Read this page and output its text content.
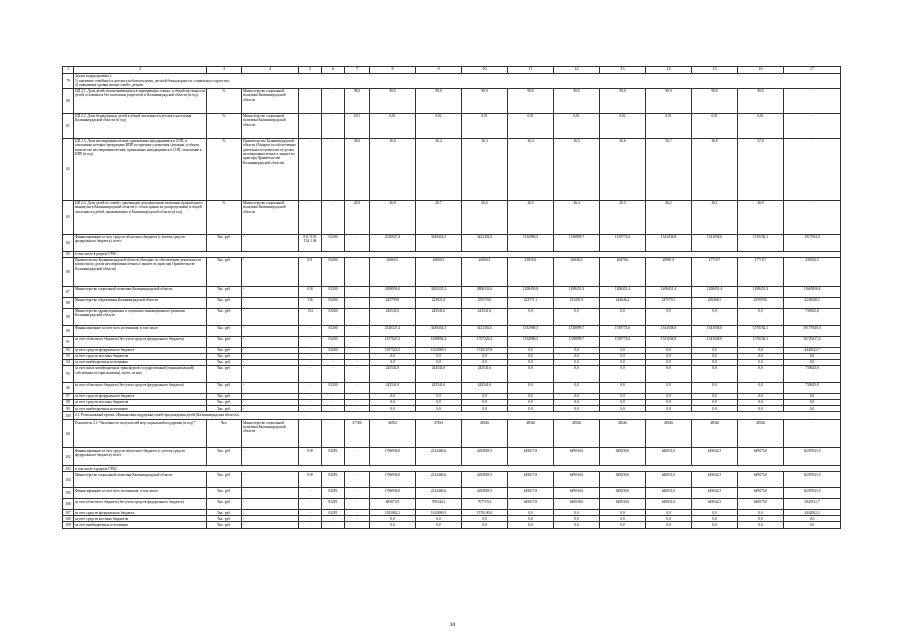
1	2	3	4	5	6	7	8	9	10	11	12	13	14	15	16	17
79	Задача подпрограммы 2
1) снижение семейного и детского неблагополучия, детской безнадзорности, социального сиротства;
2) повышение уровня жизни семей с детьми															
80	ЦП 2.1. Доля детей, воспитывающихся в замещающих семьях, в общей численности детей, оставшихся без попечения родителей, в Калининградской области (в год)	%	Министерство социальной политики Калининградской области	-	-	98,0	98,0	98,0	98,0	98,0	98,0	98,0	98,0	98,0	98,0	-
81	ЦП 2.2. Доля безнадзорных детей в общей численности детского населения Калининградской области (в год)	%	Министерство социальной политики Калининградской области	-	-	0,01	0,01	0,01	0,01	0,01	0,01	0,01	0,01	0,01	0,01	-
82	ЦП 2.3. Доля несовершеннолетних, признанных находящимися в СОП, в отношении которых прекращена ИПР по причине улучшения ситуации, в общем количестве несовершеннолетних, признанных находящимися в СОП, отношение к ИПР (в год)	%	Правительство Калининградской области (Аппарат по обеспечению деятельности комиссии по делам несовершеннолетних и защите их прав при Правительстве Калининградской области)	-	-	38,0	36,0	36,2	36,3	36,4	36,5	36,6	36,7	36,8	37,0	-
83	ЦП 2.4. Доля детей из семей с денежными доходами ниже величины прожиточного минимума в Калининградской области (с точки зрения их распределения) в общей численности детей, проживающих в Калининградской области (в год)	%	Министерство социальной политики Калининградской области	-	-	26,9	26,8	26,7	26,6	26,5	26,4	26,3	26,2	26,1	26,0	-
84	Финансирование за счет средств областного бюджета (с учетом средств федерального бюджета), всего	Тыс. руб.	-	011, 018, 154, 136	03200	-	2520927,4	3449454,5	3421302,0	1532980,5	1538899,7	1539774,6	1541038,8	1541038,0	1570182,1	1917394,0
85	в том числе в разрезе ГРБС:															
86	Правительство Калининградской области (Аппарат по обеспечению деятельности комиссии по делам несовершеннолетних и защите их прав при Правительстве Калининградской области)	Тыс. руб.	-	011	03200	-	26060,5	26060,5	26060,5	25835,6	26046,3	26470,6	26981,9	27719,7	27719,7	238182,5
87	Министерство социальной политики Калининградской области	Тыс. руб.	-	018	03200	-	2498956,0	3202335,2	2806532,6	1208450,8	1208451,4	1208451,4	1208451,4	1208451,4	1208451,4	11665936,8
88	Министерство образования Калининградской области	Тыс. руб.	-	136	03200	-	245799,8	223821,0	255570,0	223771,1	231201,9	244646,2	247579,1	250468,5	253959,0	2236548,5
89	Министерство здравоохранения и социально-инновационного развития Калининградской области	Тыс. руб.	-	154	03200	-	243541,6	243541,6	243541,6	0,0	0,0	0,0	0,0	0,0	0,0	730625,8
90	Финансирование за счет всех источников, в том числе:	Тыс. руб.	-	-	03200	-	2520327,4	3449454,5	3421302,0	1532980,5	1538899,7	1539774,6	1541038,8	1541038,0	1570182,1	19173940,0
91	за счет областного бюджета (без учета средств федерального бюджета)	Тыс. руб.	-	-	03200	-	1817025,3	1638892,2	1707226,2	1532980,5	1538899,7	1539774,6	1541038,8	1541038,0	1570182,1	16729417,4
92	за счет средств федерального бюджета	Тыс. руб.	-	-	03200	-	1107524,5	1612069,5	1720167,8	0,0	0,0	0,0	0,0	0,0	0,0	4444522,7
93	за счет средств местных бюджетов	Тыс. руб.	-	-	-	-	0,0	0,0	0,0	0,0	0,0	0,0	0,0	0,0	0,0	0,0
94	за счет внебюджетных источников	Тыс. руб.	-	-	-	-	0,0	0,0	0,0	0,0	0,0	0,0	0,0	0,0	0,0	0,0
95	за счет иных межбюджетных трансфертов государственной (муниципальной) собственности (при наличии), всего, из них	Тыс. руб.	-	-	-	-	243541,8	243541,6	243541,6	0,0	0,0	0,0	0,0	0,0	0,0	730625,8
96	за счет областного бюджета (без учета средств федерального бюджета)	Тыс. руб.	-	-	03200	-	243541,8	243541,6	243541,6	0,0	0,0	0,0	0,0	0,0	0,0	730625,8
97	за счет средств федерального бюджета	Тыс. руб.	-	-	-	-	0,0	0,0	0,0	0,0	0,0	0,0	0,0	0,0	0,0	0,0
98	за счет средств местных бюджетов	Тыс. руб.	-	-	-	-	0,0	0,0	0,0	0,0	0,0	0,0	0,0	0,0	0,0	0,0
99	за счет внебюджетных источников	Тыс. руб.	-	-	-	-	0,0	0,0	0,0	0,0	0,0	0,0	0,0	0,0	0,0	0,0
100	2.1. Региональный проект «Финансовая поддержка семей при рождении детей (Калининградская область)»															
101	Показатель 2.1. Численность получателей мер социальной поддержки (в год) *	Чел.	Министерство социальной политики Калининградской области	-	-	47186	46502	47834	48346	48346	48346	48346	48346	48346	48346	-
102	Финансирование за счет средств областного бюджета (с учетом средств федерального бюджета), всего	Тыс. руб.	-	018	032P1	-	1786936,0	2312460,6	2283859,3	649017,8	649030,0	649030,0	649031,0	649042,5	649075,0	10287633,9
103	в том числе в разрезе ГРБС:															
104	Министерство социальной политики Калининградской области	Тыс. руб.	-	018	032P1	-	1786936,0	2312460,6	2283859,3	649017,8	649030,0	649030,0	649031,0	649042,5	649075,0	10287633,9
105	Финансирование за счет всех источников, в том числе:	Тыс. руб.	-	-	032P1	-	1786936,0	2312460,6	2283859,3	649017,8	649030,0	649030,0	649031,0	649042,5	649075,0	10287633,9
106	за счет областного бюджета (без учета средств федерального бюджета)	Тыс. руб.	-	-	032P1	-	683873,9	700344,3	707719,3	649017,8	649030,0	649030,0	649031,0	649042,5	649075,0	5845331,7
107	за счет средств федерального бюджета	Тыс. руб.	-	-	032P1	-	1103062,1	1612069,5	1576140,0	0,0	0,0	0,0	0,0	0,0	0,0	4442002,2
108	за счет средств местных бюджетов	Тыс. руб.	-	-	-	-	0,0	0,0	0,0	0,0	0,0	0,0	0,0	0,0	0,0	0,0
109	за счет внебюджетных источников	Тыс. руб.	-	-	-	-	0,0	0,0	0,0	0,0	0,0	0,0	0,0	0,0	0,0	0,0
30
